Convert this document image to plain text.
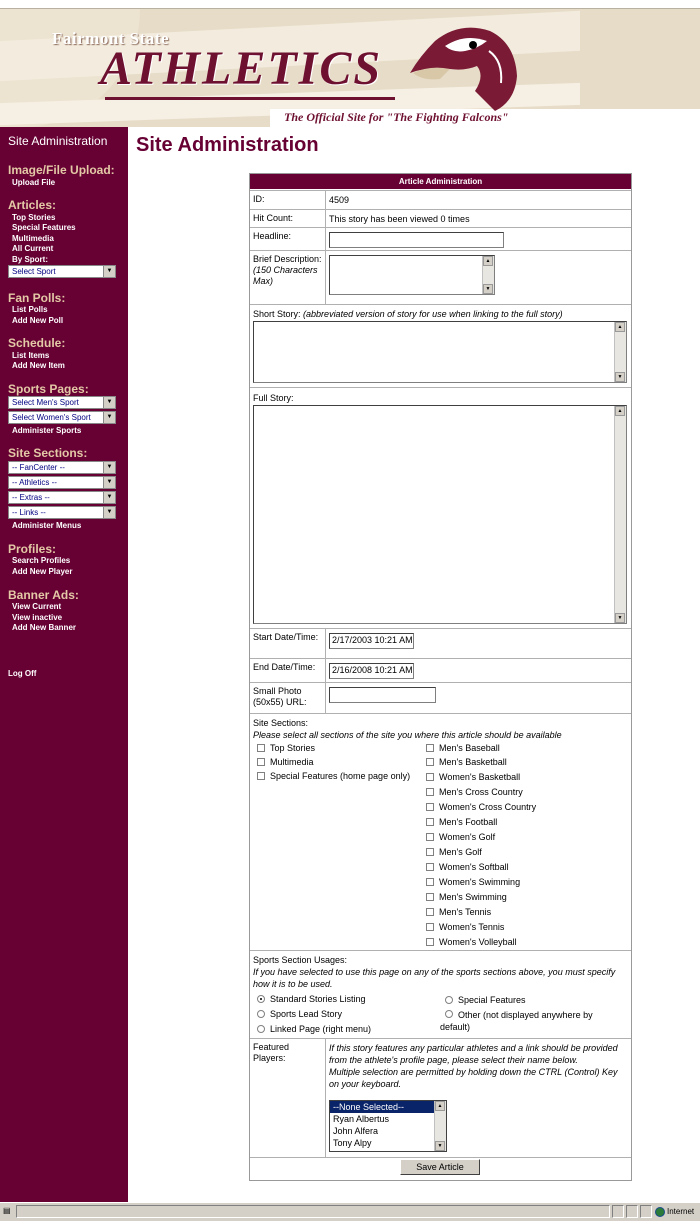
Fairmont State
ATHLETICS
The Official Site for "The Fighting Falcons"
Site Administration
Image/File Upload:
Upload File
Articles:
Top Stories
Special Features
Multimedia
All Current
By Sport:
Select Sport	▼
Fan Polls:
List Polls
Add New Poll
Schedule:
List Items
Add New Item
Sports Pages:
Select Men's Sport	▼
Select Women's Sport	▼
Administer Sports
Site Sections:
-- FanCenter --	▼
-- Athletics --	▼
-- Extras --	▼
-- Links --	▼
Administer Menus
Profiles:
Search Profiles
Add New Player
Banner Ads:
View Current
View inactive
Add New Banner
Log Off
Site Administration
Article Administration
ID:	4509
Hit Count:	This story has been viewed 0 times
Headline:
Brief Description:
(150 Characters Max)
▲
▼
Short Story: (abbreviated version of story for use when linking to the full story)
▲
▼
Full Story:
▲
▼
Start Date/Time:	2/17/2003 10:21 AM
End Date/Time:	2/16/2008 10:21 AM
Small Photo (50x55) URL:
Site Sections:
Please select all sections of the site you where this article should be available
Top Stories
Multimedia
Special Features (home page only)
Men's Baseball
Men's Basketball
Women's Basketball
Men's Cross Country
Women's Cross Country
Men's Football
Women's Golf
Men's Golf
Women's Softball
Women's Swimming
Men's Swimming
Men's Tennis
Women's Tennis
Women's Volleyball
Sports Section Usages:
If you have selected to use this page on any of the sports sections above, you must specify how it is to be used.
Standard Stories Listing
Sports Lead Story
Linked Page (right menu)
Special Features
Other (not displayed anywhere by default)
Featured Players:
If this story features any particular athletes and a link should be provided from the athlete's profile page, please select their name below.
Multiple selection are permitted by holding down the CTRL (Control) Key on your keyboard.
--None Selected--
Ryan Albertus
John Alfera
Tony Alpy
▲
▼
Save Article
▤	Internet
